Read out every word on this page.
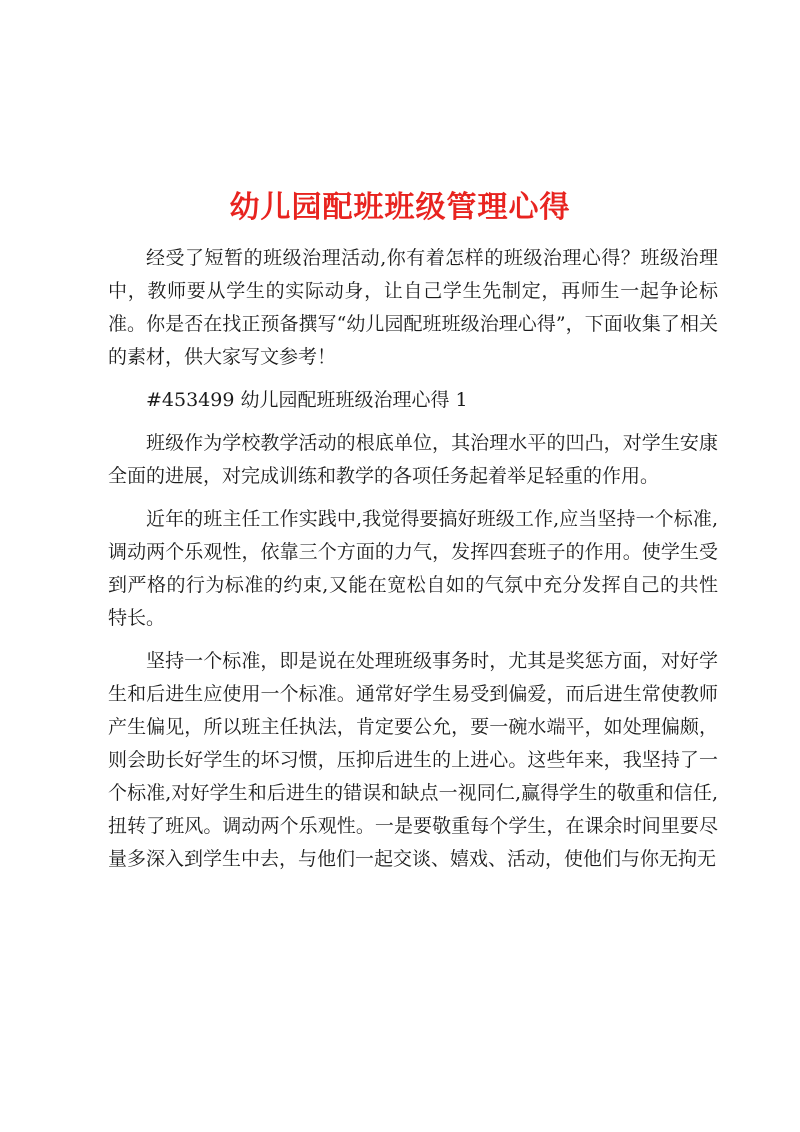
幼儿园配班班级管理心得

经受了短暂的班级治理活动,你有着怎样的班级治理心得？班级治理中，教师要从学生的实际动身，让自己学生先制定，再师生一起争论标准。你是否在找正预备撰写“幼儿园配班班级治理心得”，下面收集了相关的素材，供大家写文参考！

#453499 幼儿园配班班级治理心得 1

班级作为学校教学活动的根底单位，其治理水平的凹凸，对学生安康全面的进展，对完成训练和教学的各项任务起着举足轻重的作用。

近年的班主任工作实践中,我觉得要搞好班级工作,应当坚持一个标准,调动两个乐观性，依靠三个方面的力气，发挥四套班子的作用。使学生受到严格的行为标准的约束,又能在宽松自如的气氛中充分发挥自己的共性特长。

坚持一个标准，即是说在处理班级事务时，尤其是奖惩方面，对好学生和后进生应使用一个标准。通常好学生易受到偏爱，而后进生常使教师产生偏见，所以班主任执法，肯定要公允，要一碗水端平，如处理偏颇，则会助长好学生的坏习惯，压抑后进生的上进心。这些年来，我坚持了一个标准,对好学生和后进生的错误和缺点一视同仁,赢得学生的敬重和信任,扭转了班风。调动两个乐观性。一是要敬重每个学生，在课余时间里要尽量多深入到学生中去，与他们一起交谈、嬉戏、活动，使他们与你无拘无
